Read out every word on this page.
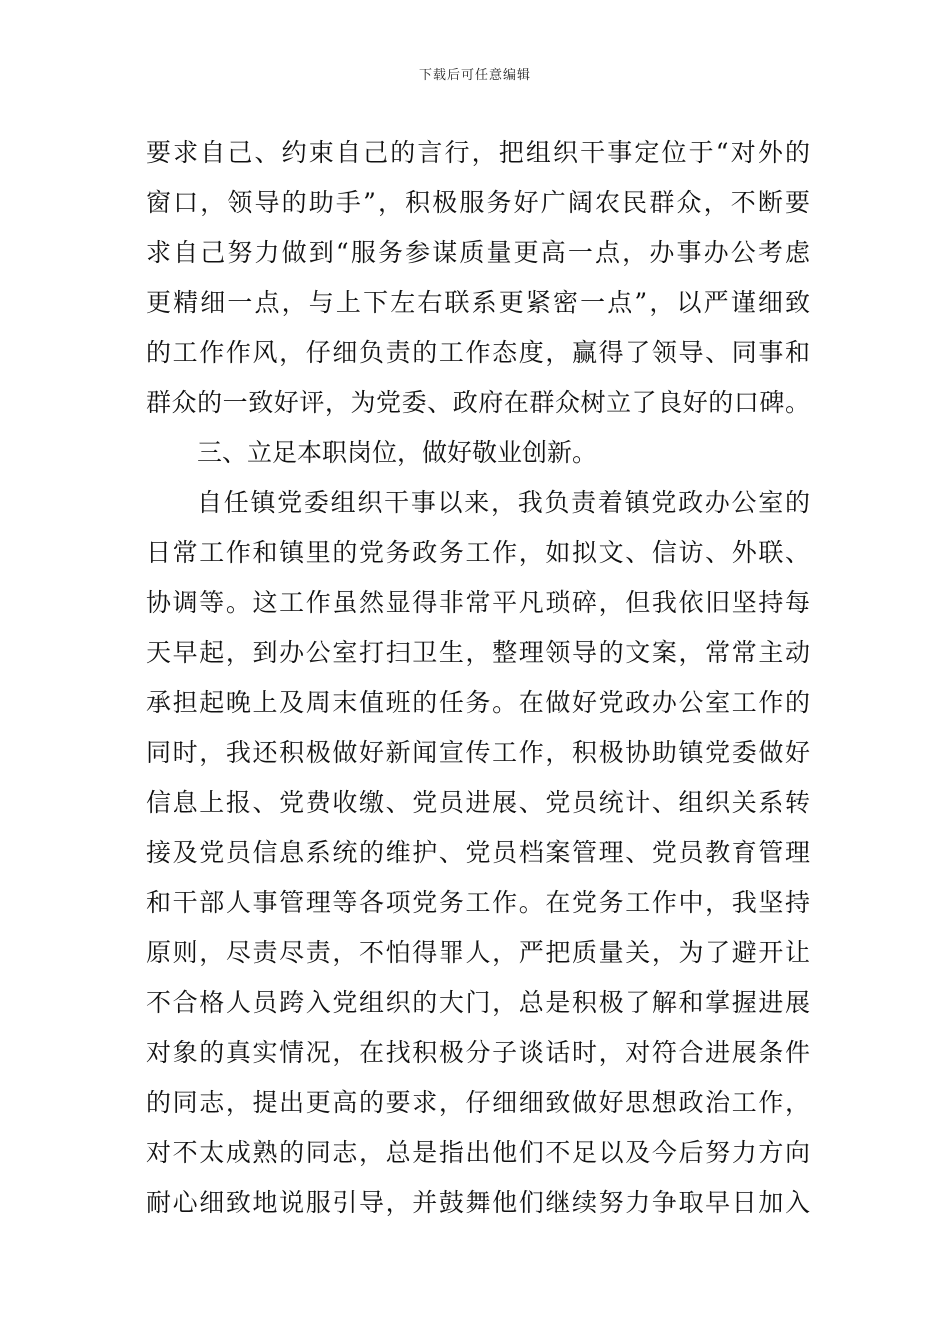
下载后可任意编辑
要求自己、约束自己的言行，把组织干事定位于“对外的
窗口，领导的助手”，积极服务好广阔农民群众，不断要
求自己努力做到“服务参谋质量更高一点，办事办公考虑
更精细一点，与上下左右联系更紧密一点”，以严谨细致
的工作作风，仔细负责的工作态度，赢得了领导、同事和
群众的一致好评，为党委、政府在群众树立了良好的口碑。
三、立足本职岗位，做好敬业创新。
自任镇党委组织干事以来，我负责着镇党政办公室的
日常工作和镇里的党务政务工作，如拟文、信访、外联、
协调等。这工作虽然显得非常平凡琐碎，但我依旧坚持每
天早起，到办公室打扫卫生，整理领导的文案，常常主动
承担起晚上及周末值班的任务。在做好党政办公室工作的
同时，我还积极做好新闻宣传工作，积极协助镇党委做好
信息上报、党费收缴、党员进展、党员统计、组织关系转
接及党员信息系统的维护、党员档案管理、党员教育管理
和干部人事管理等各项党务工作。在党务工作中，我坚持
原则，尽责尽责，不怕得罪人，严把质量关，为了避开让
不合格人员跨入党组织的大门，总是积极了解和掌握进展
对象的真实情况，在找积极分子谈话时，对符合进展条件
的同志，提出更高的要求，仔细细致做好思想政治工作，
对不太成熟的同志，总是指出他们不足以及今后努力方向
耐心细致地说服引导，并鼓舞他们继续努力争取早日加入
